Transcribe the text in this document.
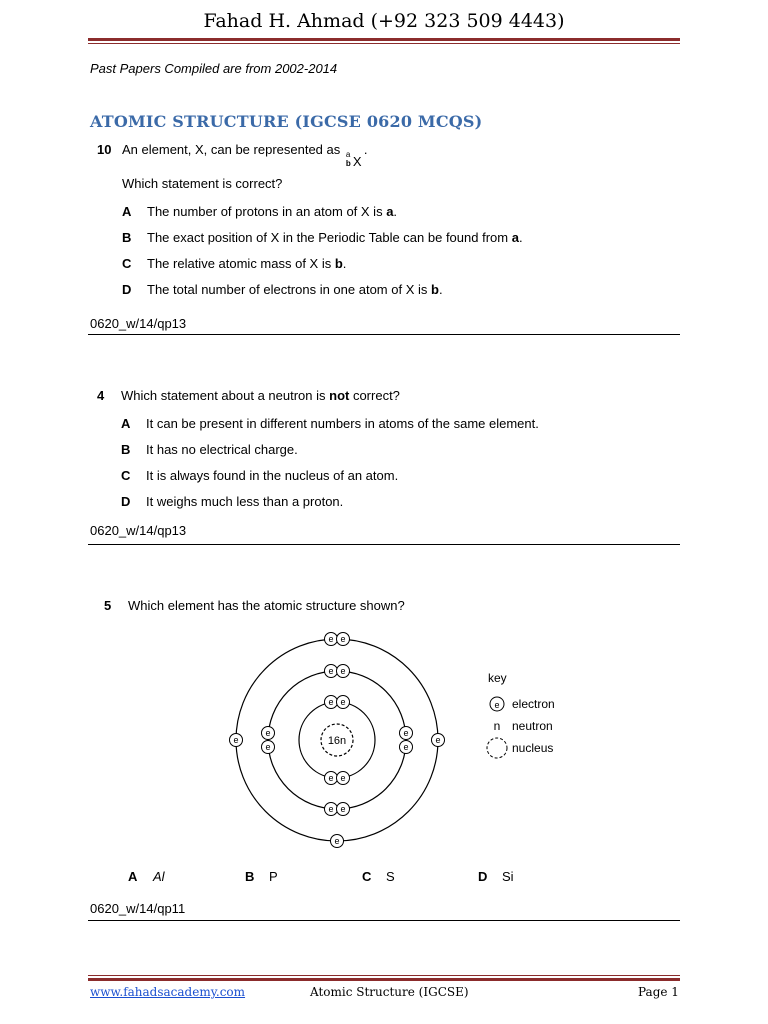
Fahad H. Ahmad (+92 323 509 4443)
Past Papers Compiled are from 2002-2014
ATOMIC STRUCTURE (IGCSE 0620 MCQS)
10 An element, X, can be represented as a
b X
.
Which statement is correct?
A The number of protons in an atom of X is a.
B The exact position of X in the Periodic Table can be found from a.
C The relative atomic mass of X is b.
D The total number of electrons in one atom of X is b.
0620_w/14/qp13
4 Which statement about a neutron is not correct?
A It can be present in different numbers in atoms of the same element.
B It has no electrical charge.
C It is always found in the nucleus of an atom.
D It weighs much less than a proton.
0620_w/14/qp13
5 Which element has the atomic structure shown?
16n
e e
e e
e e
e e
e
e
e
e
e e
e
e	e
key
e electron
n neutron
nucleus
A Al	B P	C S	D Si
0620_w/14/qp11
www.fahadsacademy.com	Atomic Structure (IGCSE)	Page 1
